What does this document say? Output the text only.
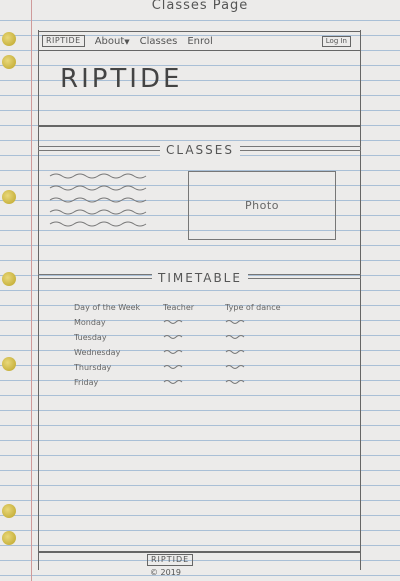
Classes Page
RIPTIDE	About▼ Classes Enrol	Log In
RIPTIDE
CLASSES
Photo
TIMETABLE
Day of the Week	Teacher	Type of dance
Monday
Tuesday
Wednesday
Thursday
Friday
RIPTIDE
© 2019
